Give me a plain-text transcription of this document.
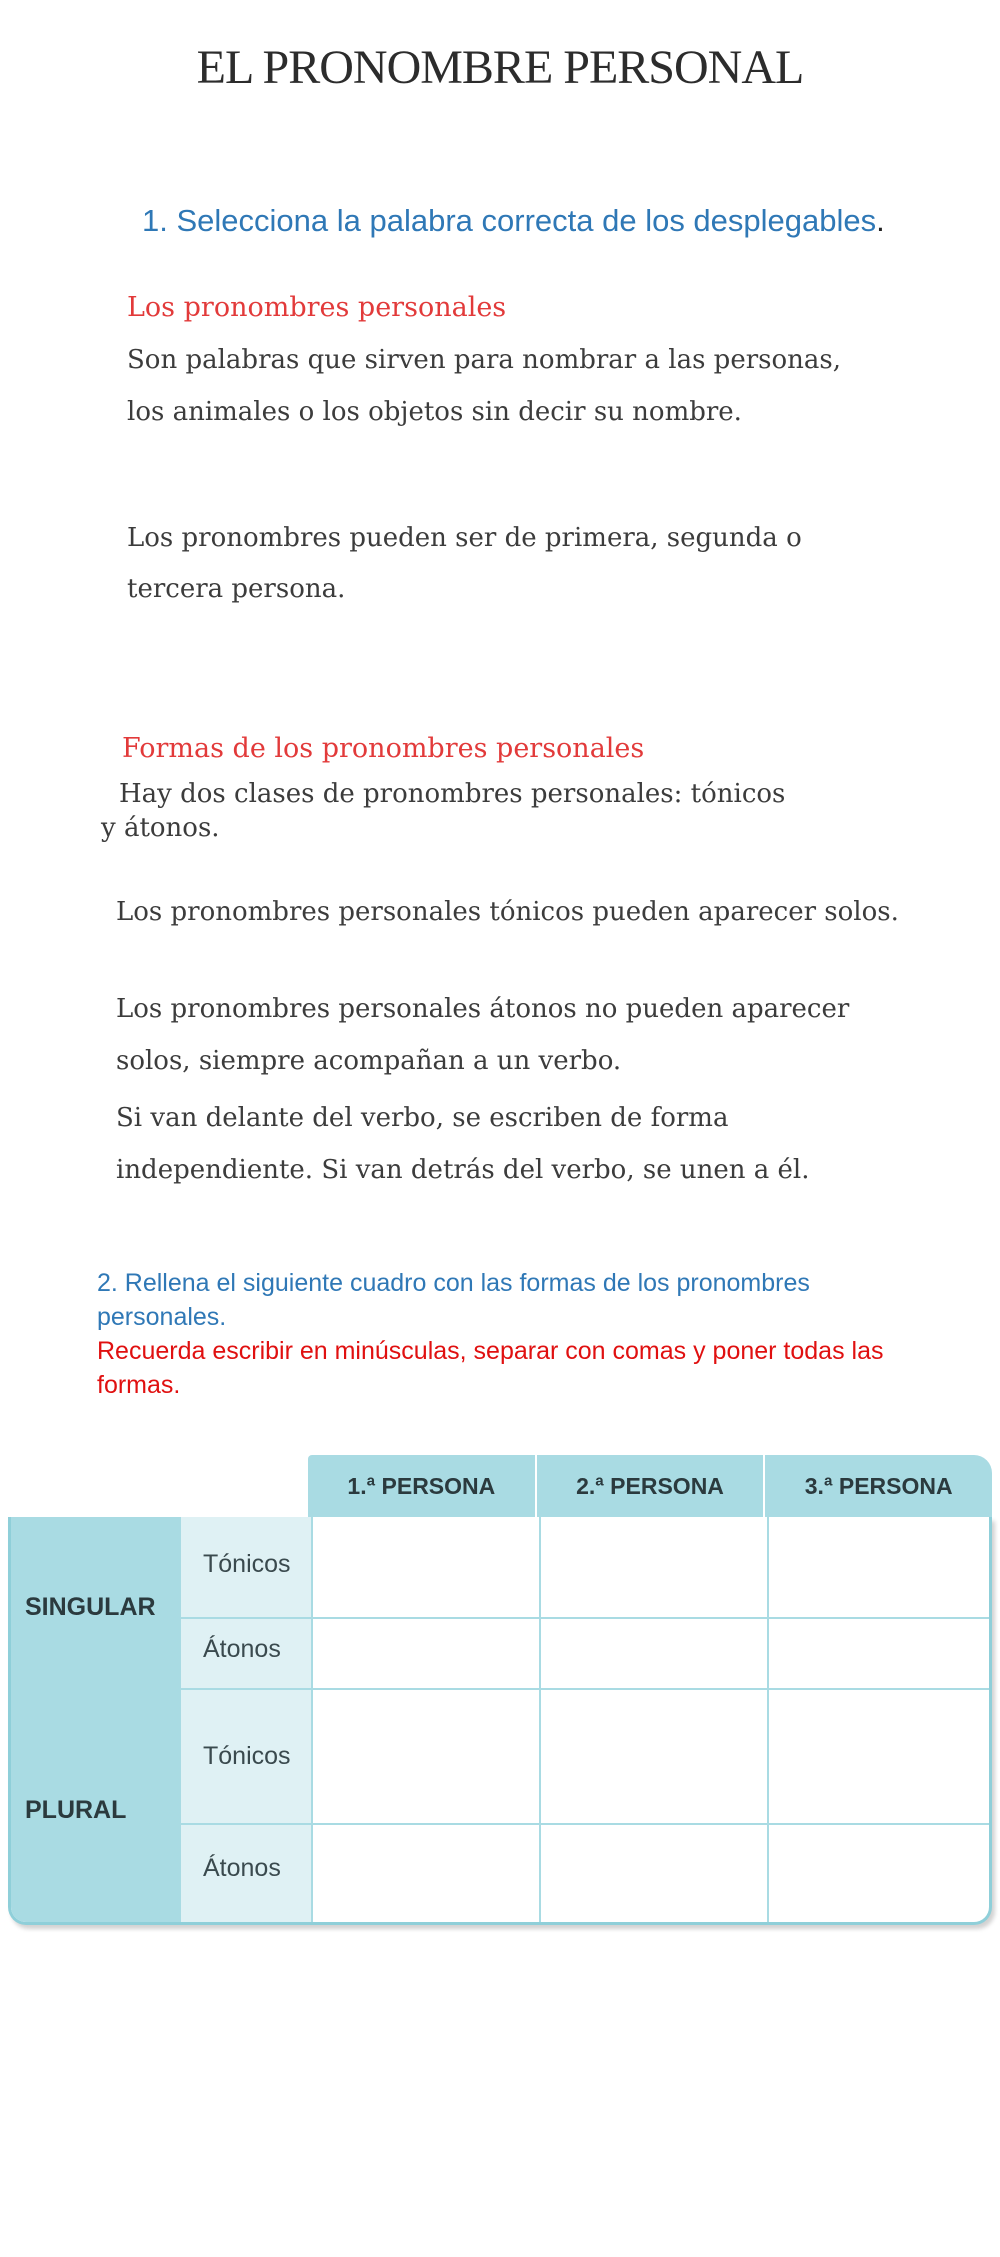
EL PRONOMBRE PERSONAL
1. Selecciona la palabra correcta de los desplegables.
Los pronombres personales
Son palabras que sirven para nombrar a las personas,
los animales o los objetos sin decir su nombre.
Los pronombres pueden ser de primera, segunda o
tercera persona.
Formas de los pronombres personales
Hay dos clases de pronombres personales: tónicos
y átonos.
Los pronombres personales tónicos pueden aparecer solos.
Los pronombres personales átonos no pueden aparecer
solos, siempre acompañan a un verbo.
Si van delante del verbo, se escriben de forma
independiente. Si van detrás del verbo, se unen a él.
2. Rellena el siguiente cuadro con las formas de los pronombres personales.
Recuerda escribir en minúsculas, separar con comas y poner todas las formas.
1.ª PERSONA	2.ª PERSONA	3.ª PERSONA
SINGULAR
PLURAL
Tónicos
Átonos
Tónicos
Átonos
